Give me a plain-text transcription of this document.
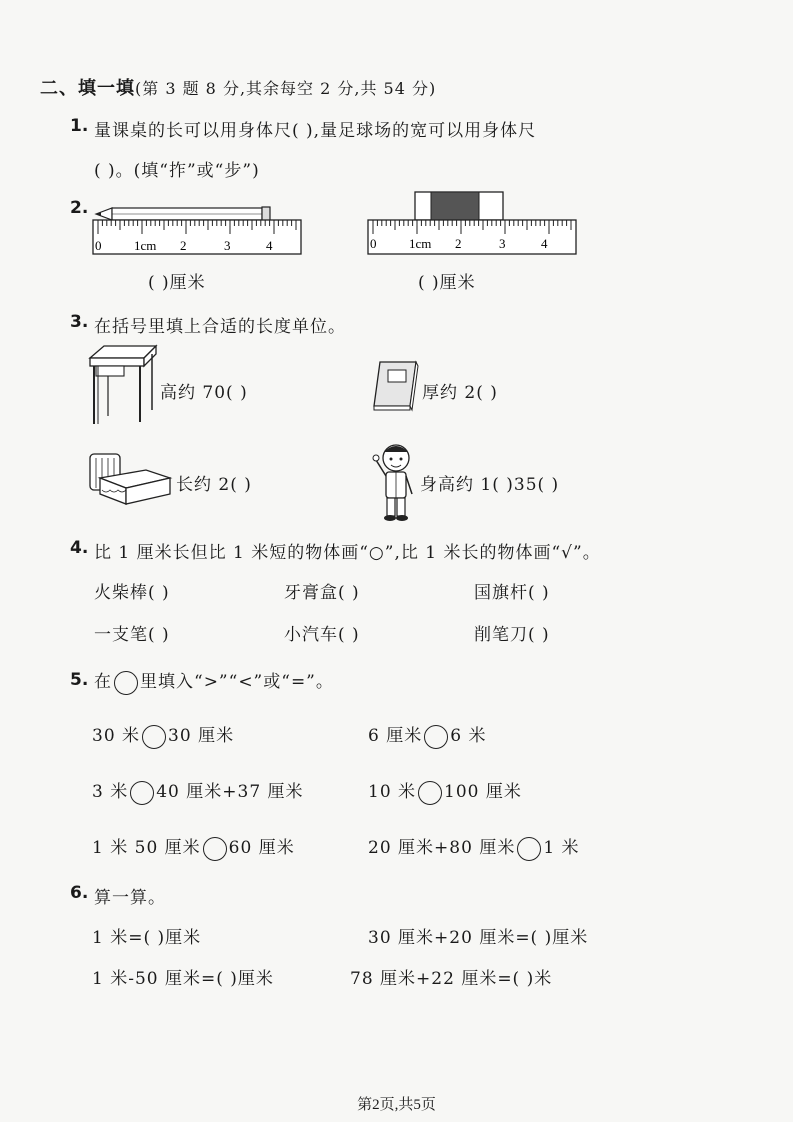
二、填一填(第 3 题 8 分,其余每空 2 分,共 54 分)
1. 量课桌的长可以用身体尺( ),量足球场的宽可以用身体尺
( )。(填“拃”或“步”)
2.
0	1cm 2	3	4	0	1cm 2	3	4
( )厘米	( )厘米
3. 在括号里填上合适的长度单位。
高约 70( )	厚约 2( )
长约 2( )	身高约 1( )35( )
4. 比 1 厘米长但比 1 米短的物体画“○”,比 1 米长的物体画“√”。
火柴棒( )	牙膏盒( )	国旗杆( )
一支笔( )	小汽车( )	削笔刀( )
5. 在 里填入“>”“<”或“=”。
30 米 30 厘米	6 厘米 6 米
3 米 40 厘米+37 厘米	10 米 100 厘米
1 米 50 厘米 60 厘米	20 厘米+80 厘米 1 米
6. 算一算。
1 米=( )厘米	30 厘米+20 厘米=( )厘米
1 米-50 厘米=( )厘米	78 厘米+22 厘米=( )米
第2页,共5页
